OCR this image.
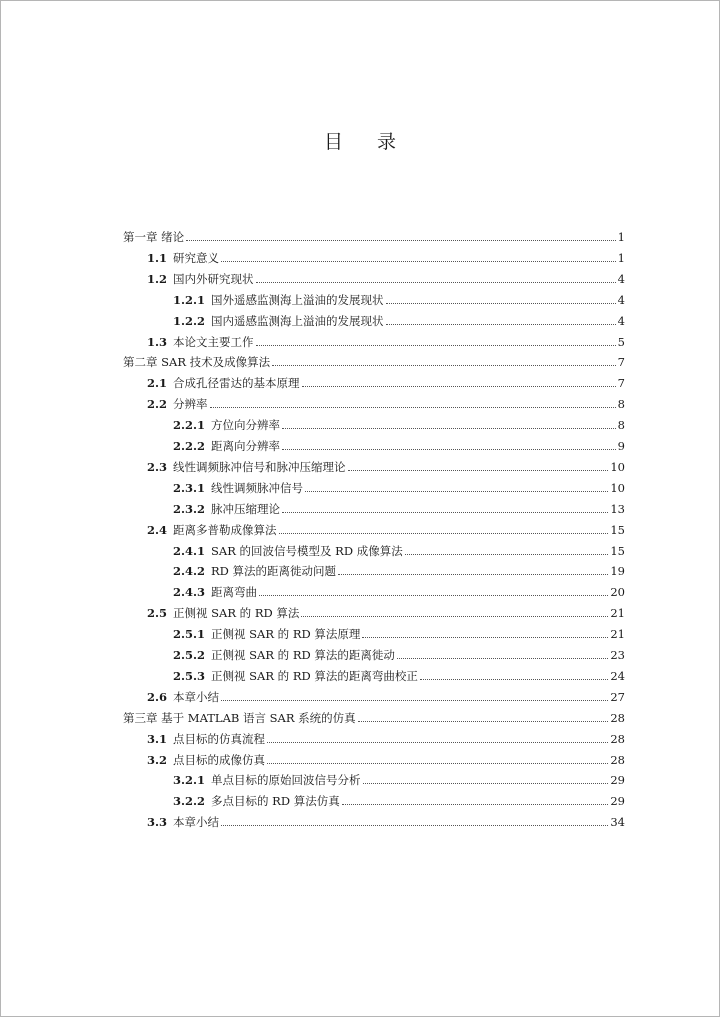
目录
第一章 绪论	1
1.1 研究意义	1
1.2 国内外研究现状	4
1.2.1 国外遥感监测海上溢油的发展现状	4
1.2.2 国内遥感监测海上溢油的发展现状	4
1.3 本论文主要工作	5
第二章 SAR 技术及成像算法	7
2.1 合成孔径雷达的基本原理	7
2.2 分辨率	8
2.2.1 方位向分辨率	8
2.2.2 距离向分辨率	9
2.3 线性调频脉冲信号和脉冲压缩理论	10
2.3.1 线性调频脉冲信号	10
2.3.2 脉冲压缩理论	13
2.4 距离多普勒成像算法	15
2.4.1 SAR 的回波信号模型及 RD 成像算法	15
2.4.2 RD 算法的距离徙动问题	19
2.4.3 距离弯曲	20
2.5 正侧视 SAR 的 RD 算法	21
2.5.1 正侧视 SAR 的 RD 算法原理	21
2.5.2 正侧视 SAR 的 RD 算法的距离徙动	23
2.5.3 正侧视 SAR 的 RD 算法的距离弯曲校正	24
2.6 本章小结	27
第三章 基于 MATLAB 语言 SAR 系统的仿真	28
3.1 点目标的仿真流程	28
3.2 点目标的成像仿真	28
3.2.1 单点目标的原始回波信号分析	29
3.2.2 多点目标的 RD 算法仿真	29
3.3 本章小结	34
